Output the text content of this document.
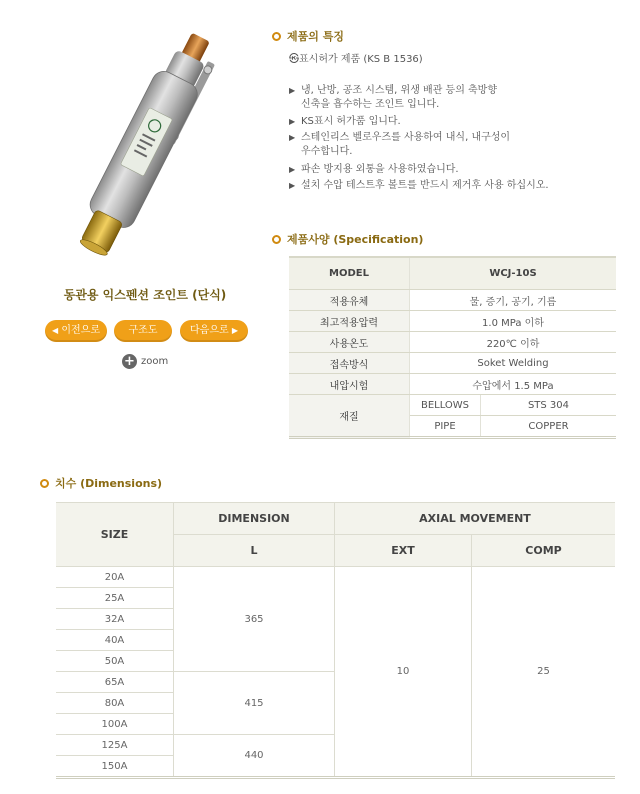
동관용 익스펜션 조인트 (단식)
◀ 이전으로	구조도	다음으로 ▶
+ zoom
제품의 특징
㉿표시허가 제품 (KS B 1536)
▶ 냉, 난방, 공조 시스템, 위생 배관 등의 축방향
신축을 흡수하는 조인트 입니다.
▶ KS표시 허가품 입니다.
▶ 스테인리스 벨로우즈를 사용하여 내식, 내구성이
우수합니다.
▶ 파손 방지용 외통을 사용하였습니다.
▶ 설치 수압 테스트후 볼트를 반드시 제거후 사용 하십시오.
제품사양 (Specification)
MODEL	WCJ-10S	
적용유체	물, 증기, 공기, 기름	
최고적용압력	1.0 MPa 이하	
사용온도	220℃ 이하	
접속방식	Soket Welding	
내압시험	수압에서 1.5 MPa	
재질	BELLOWS	STS 304
	PIPE	COPPER
치수 (Dimensions)
SIZE	DIMENSION	AXIAL MOVEMENT	
	L	EXT	COMP
20A	365	10	25
25A			
32A			
40A			
50A			
65A	415		
80A			
100A			
125A	440		
150A			
